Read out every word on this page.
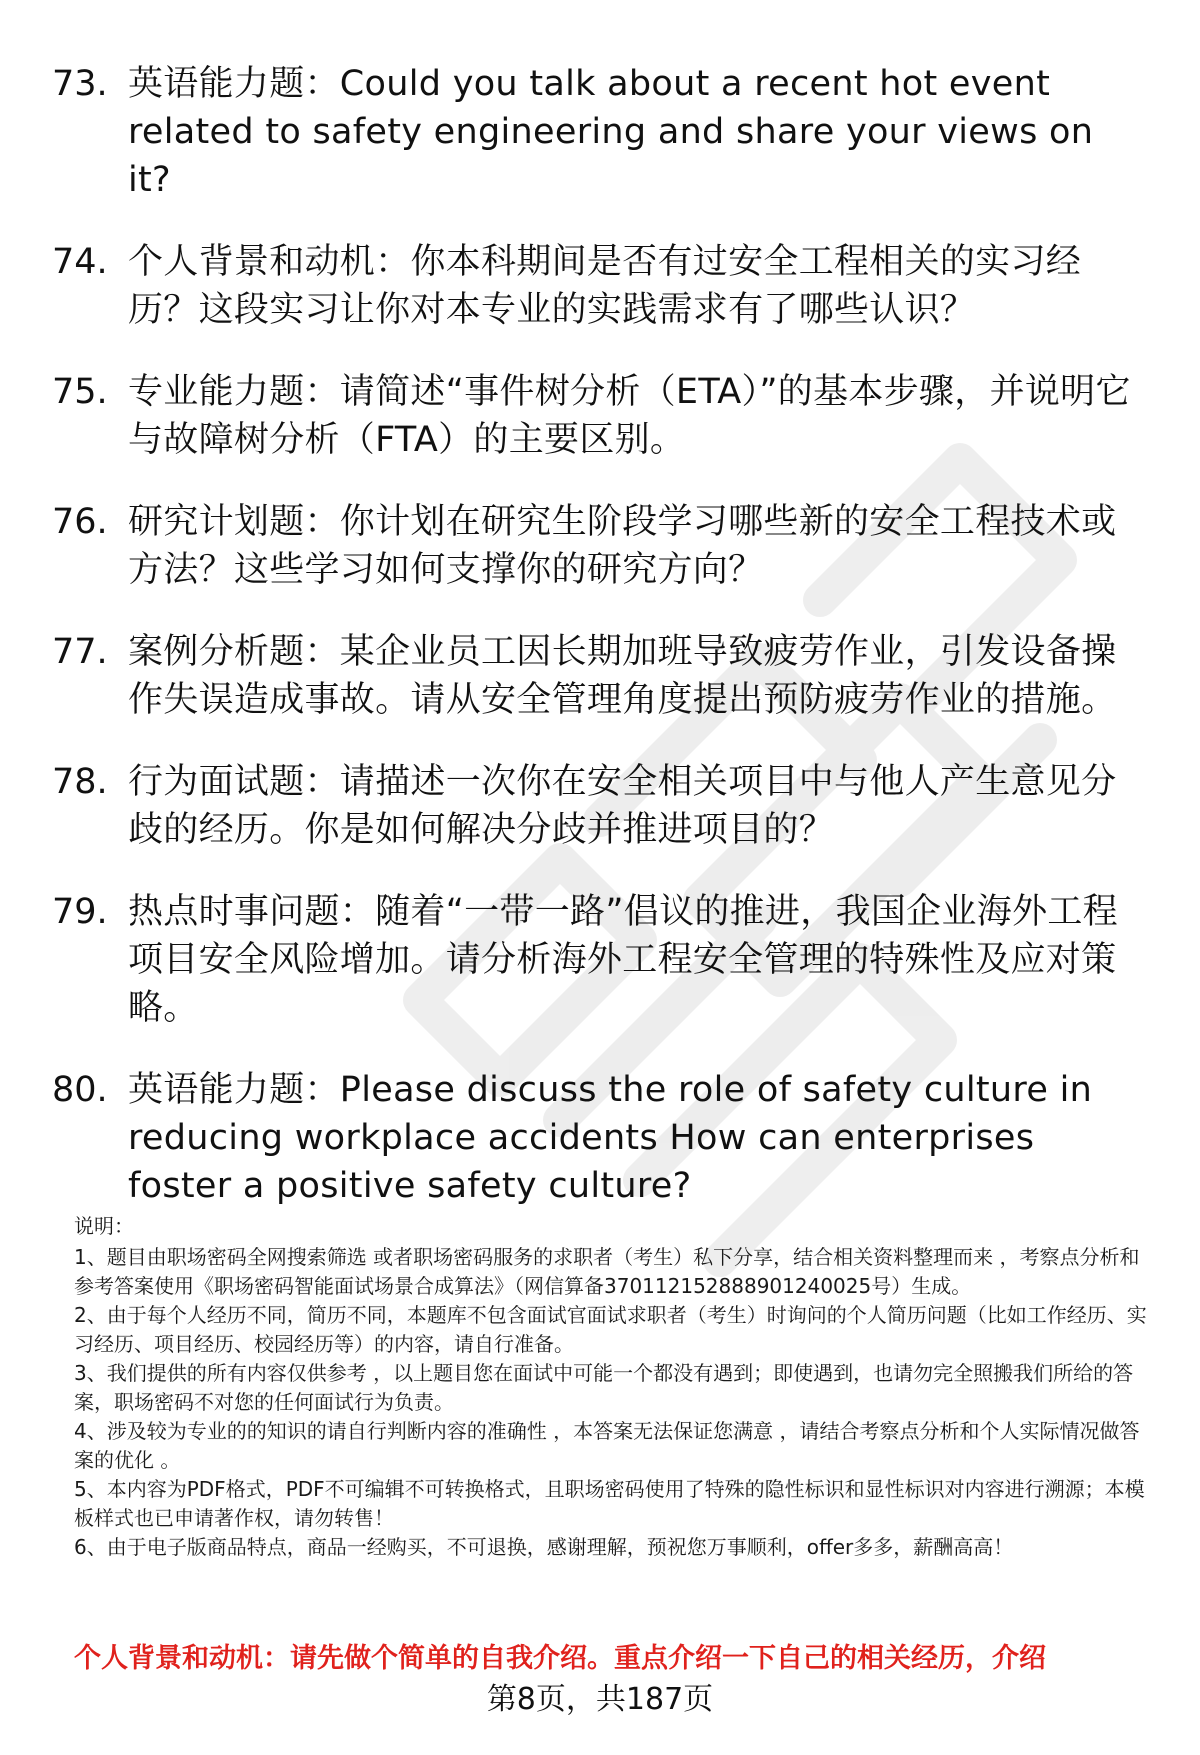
73. 英语能力题：Could you talk about a recent hot event related to safety engineering and share your views on it?
74. 个人背景和动机：你本科期间是否有过安全工程相关的实习经历？这段实习让你对本专业的实践需求有了哪些认识？
75. 专业能力题：请简述“事件树分析（ETA）”的基本步骤，并说明它与故障树分析（FTA）的主要区别。
76. 研究计划题：你计划在研究生阶段学习哪些新的安全工程技术或方法？这些学习如何支撑你的研究方向？
77. 案例分析题：某企业员工因长期加班导致疲劳作业，引发设备操作失误造成事故。请从安全管理角度提出预防疲劳作业的措施。
78. 行为面试题：请描述一次你在安全相关项目中与他人产生意见分歧的经历。你是如何解决分歧并推进项目的？
79. 热点时事问题：随着“一带一路”倡议的推进，我国企业海外工程项目安全风险增加。请分析海外工程安全管理的特殊性及应对策略。
80. 英语能力题：Please discuss the role of safety culture in reducing workplace accidents How can enterprises foster a positive safety culture?

说明：

1、题目由职场密码全网搜索筛选 或者职场密码服务的求职者（考生）私下分享，结合相关资料整理而来 ，考察点分析和参考答案使用《职场密码智能面试场景合成算法》（网信算备370112152888901240025号）生成。

2、由于每个人经历不同，简历不同，本题库不包含面试官面试求职者（考生）时询问的个人简历问题（比如工作经历、实习经历、项目经历、校园经历等）的内容，请自行准备。

3、我们提供的所有内容仅供参考 ，以上题目您在面试中可能一个都没有遇到；即使遇到，也请勿完全照搬我们所给的答案，职场密码不对您的任何面试行为负责。

4、涉及较为专业的的知识的请自行判断内容的准确性 ，本答案无法保证您满意 ，请结合考察点分析和个人实际情况做答案的优化 。

5、本内容为PDF格式，PDF不可编辑不可转换格式，且职场密码使用了特殊的隐性标识和显性标识对内容进行溯源；本模板样式也已申请著作权，请勿转售！

6、由于电子版商品特点，商品一经购买，不可退换，感谢理解，预祝您万事顺利，offer多多，薪酬高高！

个人背景和动机：请先做个简单的自我介绍。重点介绍一下自己的相关经历，介绍
第8页，共187页
